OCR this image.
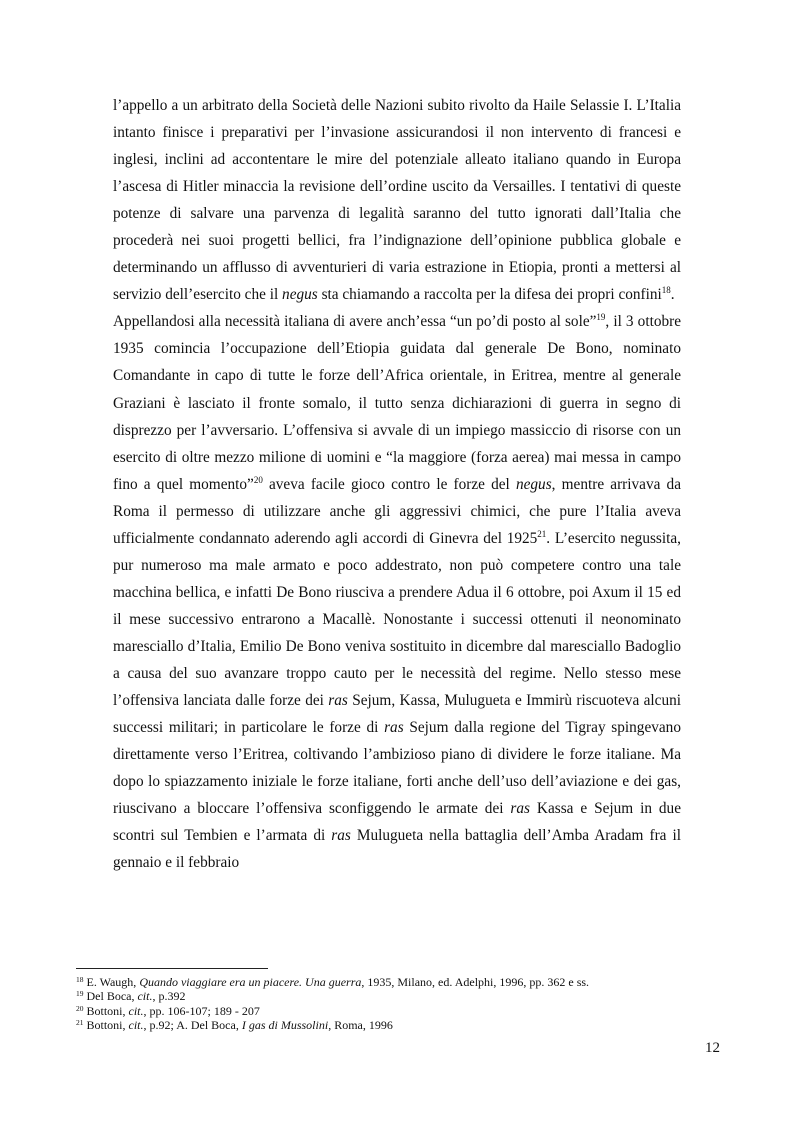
l’appello a un arbitrato della Società delle Nazioni subito rivolto da Haile Selassie I. L’Italia intanto finisce i preparativi per l’invasione assicurandosi il non intervento di francesi e inglesi, inclini ad accontentare le mire del potenziale alleato italiano quando in Europa l’ascesa di Hitler minaccia la revisione dell’ordine uscito da Versailles. I tentativi di queste potenze di salvare una parvenza di legalità saranno del tutto ignorati dall’Italia che procederà nei suoi progetti bellici, fra l’indignazione dell’opinione pubblica globale e determinando un afflusso di avventurieri di varia estrazione in Etiopia, pronti a mettersi al servizio dell’esercito che il negus sta chiamando a raccolta per la difesa dei propri confini$^{18}$.

Appellandosi alla necessità italiana di avere anch’essa “un po’di posto al sole”$^{19}$, il 3 ottobre 1935 comincia l’occupazione dell’Etiopia guidata dal generale De Bono, nominato Comandante in capo di tutte le forze dell’Africa orientale, in Eritrea, mentre al generale Graziani è lasciato il fronte somalo, il tutto senza dichiarazioni di guerra in segno di disprezzo per l’avversario. L’offensiva si avvale di un impiego massiccio di risorse con un esercito di oltre mezzo milione di uomini e “la maggiore (forza aerea) mai messa in campo fino a quel momento”$^{20}$ aveva facile gioco contro le forze del negus, mentre arrivava da Roma il permesso di utilizzare anche gli aggressivi chimici, che pure l’Italia aveva ufficialmente condannato aderendo agli accordi di Ginevra del 1925$^{21}$. L’esercito negussita, pur numeroso ma male armato e poco addestrato, non può competere contro una tale macchina bellica, e infatti De Bono riusciva a prendere Adua il 6 ottobre, poi Axum il 15 ed il mese successivo entrarono a Macallè. Nonostante i successi ottenuti il neonominato maresciallo d’Italia, Emilio De Bono veniva sostituito in dicembre dal maresciallo Badoglio a causa del suo avanzare troppo cauto per le necessità del regime. Nello stesso mese l’offensiva lanciata dalle forze dei ras Sejum, Kassa, Mulugueta e Immirù riscuoteva alcuni successi militari; in particolare le forze di ras Sejum dalla regione del Tigray spingevano direttamente verso l’Eritrea, coltivando l’ambizioso piano di dividere le forze italiane. Ma dopo lo spiazzamento iniziale le forze italiane, forti anche dell’uso dell’aviazione e dei gas, riuscivano a bloccare l’offensiva sconfiggendo le armate dei ras Kassa e Sejum in due scontri sul Tembien e l’armata di ras Mulugueta nella battaglia dell’Amba Aradam fra il gennaio e il febbraio

$^{18}$ E. Waugh, Quando viaggiare era un piacere. Una guerra, 1935, Milano, ed. Adelphi, 1996, pp. 362 e ss.

$^{19}$ Del Boca, cit., p.392

$^{20}$ Bottoni, cit., pp. 106-107; 189 - 207

$^{21}$ Bottoni, cit., p.92; A. Del Boca, I gas di Mussolini, Roma, 1996

12
